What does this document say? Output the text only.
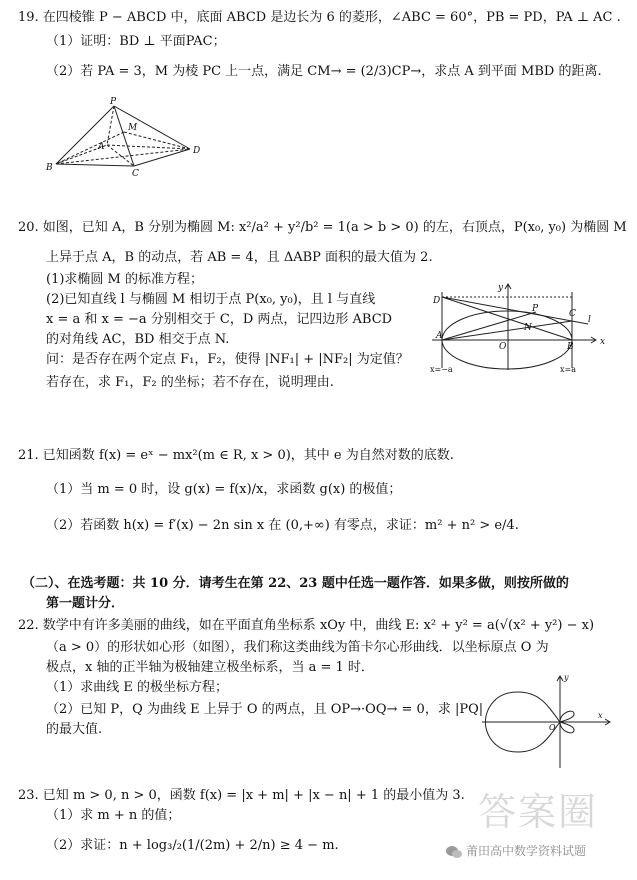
19. 在四棱锥 P − ABCD 中，底面 ABCD 是边长为 6 的菱形，∠ABC = 60°，PB = PD，PA ⊥ AC .
（1）证明：BD ⊥ 平面PAC；
（2）若 PA = 3，M 为棱 PC 上一点，满足 CM→ = (2/3)CP→，求点 A 到平面 MBD 的距离.
P
M
A
B
C
D
20. 如图，已知 A，B 分别为椭圆 M: x²/a² + y²/b² = 1(a > b > 0) 的左，右顶点，P(x₀, y₀) 为椭圆 M
上异于点 A，B 的动点，若 AB = 4，且 ΔABP 面积的最大值为 2.
(1)求椭圆 M 的标准方程；
(2)已知直线 l 与椭圆 M 相切于点 P(x₀, y₀)，且 l 与直线
x = a 和 x = −a 分别相交于 C，D 两点，记四边形 ABCD
的对角线 AC，BD 相交于点 N.
问：是否存在两个定点 F₁，F₂，使得 |NF₁| + |NF₂| 为定值？
若存在，求 F₁，F₂ 的坐标；若不存在，说明理由.
y
D
P	C
l
N
A
O	B	x
x=−a	x=a
21. 已知函数 f(x) = eˣ − mx²(m ∈ R, x > 0)，其中 e 为自然对数的底数.
（1）当 m = 0 时，设 g(x) = f(x)/x，求函数 g(x) 的极值；
（2）若函数 h(x) = f′(x) − 2n sin x 在 (0,+∞) 有零点，求证：m² + n² > e/4.
（二）、在选考题：共 10 分．请考生在第 22、23 题中任选一题作答．如果多做，则按所做的
第一题计分．
22. 数学中有许多美丽的曲线，如在平面直角坐标系 xOy 中，曲线 E: x² + y² = a(√(x² + y²) − x)
（a > 0）的形状如心形（如图），我们称这类曲线为笛卡尔心形曲线．以坐标原点 O 为
极点，x 轴的正半轴为极轴建立极坐标系，当 a = 1 时．
（1）求曲线 E 的极坐标方程；
（2）已知 P，Q 为曲线 E 上异于 O 的两点，且 OP→·OQ→ = 0，求 |PQ|
的最大值.
y
x
O
23. 已知 m > 0, n > 0，函数 f(x) = |x + m| + |x − n| + 1 的最小值为 3.
（1）求 m + n 的值；
（2）求证：n + log₃/₂(1/(2m) + 2/n) ≥ 4 − m.
答案圈
莆田高中数学资料试题
